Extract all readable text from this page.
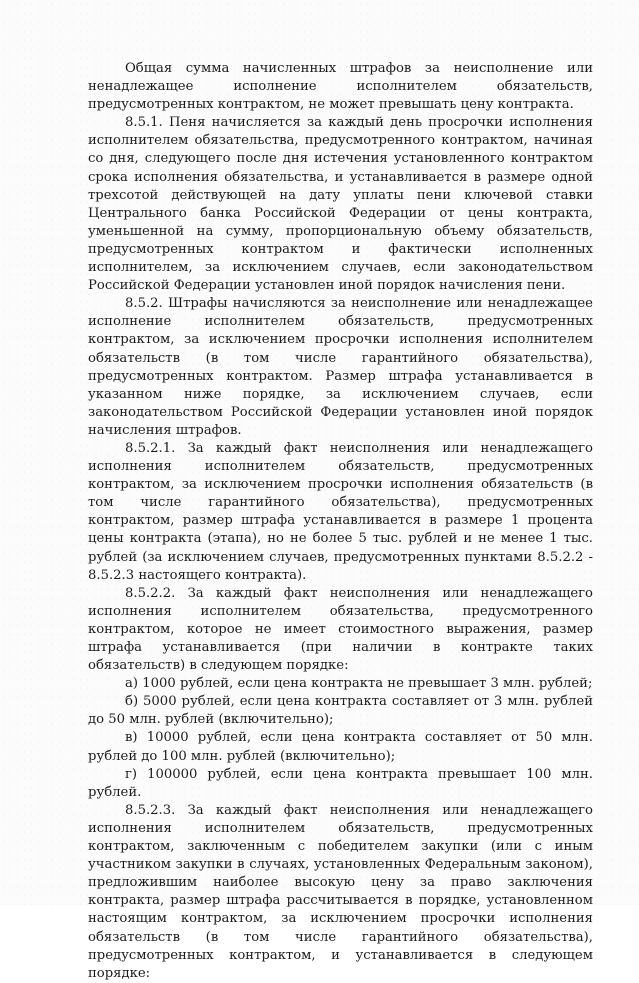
Общая сумма начисленных штрафов за неисполнение или ненадлежащее исполнение исполнителем обязательств, предусмотренных контрактом, не может превышать цену контракта.

8.5.1. Пеня начисляется за каждый день просрочки исполнения исполнителем обязательства, предусмотренного контрактом, начиная со дня, следующего после дня истечения установленного контрактом срока исполнения обязательства, и устанавливается в размере одной трехсотой действующей на дату уплаты пени ключевой ставки Центрального банка Российской Федерации от цены контракта, уменьшенной на сумму, пропорциональную объему обязательств, предусмотренных контрактом и фактически исполненных исполнителем, за исключением случаев, если законодательством Российской Федерации установлен иной порядок начисления пени.

8.5.2. Штрафы начисляются за неисполнение или ненадлежащее исполнение исполнителем обязательств, предусмотренных контрактом, за исключением просрочки исполнения исполнителем обязательств (в том числе гарантийного обязательства), предусмотренных контрактом. Размер штрафа устанавливается в указанном ниже порядке, за исключением случаев, если законодательством Российской Федерации установлен иной порядок начисления штрафов.

8.5.2.1. За каждый факт неисполнения или ненадлежащего исполнения исполнителем обязательств, предусмотренных контрактом, за исключением просрочки исполнения обязательств (в том числе гарантийного обязательства), предусмотренных контрактом, размер штрафа устанавливается в размере 1 процента цены контракта (этапа), но не более 5 тыс. рублей и не менее 1 тыс. рублей (за исключением случаев, предусмотренных пунктами 8.5.2.2 - 8.5.2.3 настоящего контракта).

8.5.2.2. За каждый факт неисполнения или ненадлежащего исполнения исполнителем обязательства, предусмотренного контрактом, которое не имеет стоимостного выражения, размер штрафа устанавливается (при наличии в контракте таких обязательств) в следующем порядке:

а) 1000 рублей, если цена контракта не превышает 3 млн. рублей;

б) 5000 рублей, если цена контракта составляет от 3 млн. рублей до 50 млн. рублей (включительно);

в) 10000 рублей, если цена контракта составляет от 50 млн. рублей до 100 млн. рублей (включительно);

г) 100000 рублей, если цена контракта превышает 100 млн. рублей.

8.5.2.3. За каждый факт неисполнения или ненадлежащего исполнения исполнителем обязательств, предусмотренных контрактом, заключенным с победителем закупки (или с иным участником закупки в случаях, установленных Федеральным законом), предложившим наиболее высокую цену за право заключения контракта, размер штрафа рассчитывается в порядке, установленном настоящим контрактом, за исключением просрочки исполнения обязательств (в том числе гарантийного обязательства), предусмотренных контрактом, и устанавливается в следующем порядке:
